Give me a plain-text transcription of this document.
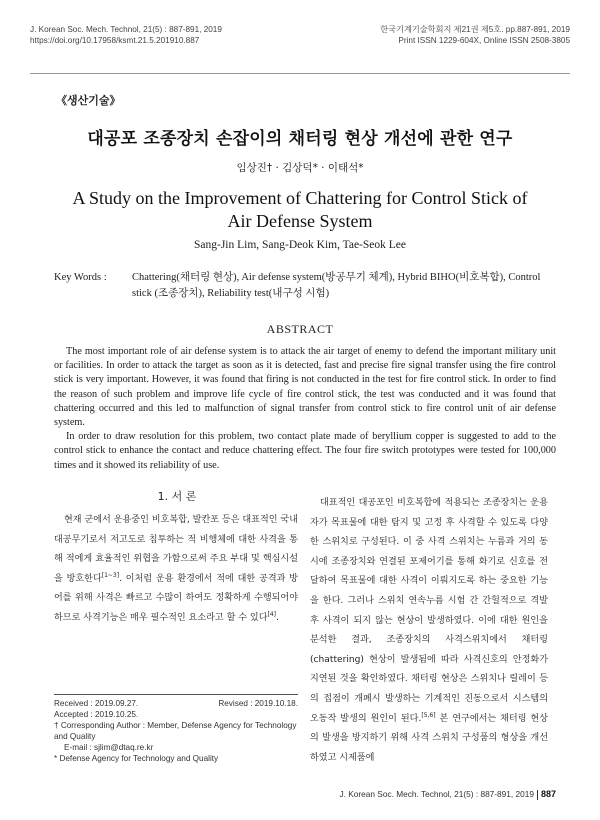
J. Korean Soc. Mech. Technol, 21(5) : 887-891, 2019
https://doi.org/10.17958/ksmt.21.5.201910.887
한국기계기술학회지 제21권 제5호. pp.887-891, 2019
Print ISSN 1229-604X, Online ISSN 2508-3805
《생산기술》
대공포 조종장치 손잡이의 채터링 현상 개선에 관한 연구
임상진† · 김상덕* · 이태석*
A Study on the Improvement of Chattering for Control Stick of Air Defense System
Sang-Jin Lim, Sang-Deok Kim, Tae-Seok Lee
Key Words : Chattering(채터링 현상), Air defense system(방공무기 체계), Hybrid BIHO(비호복합), Control stick (조종장치), Reliability test(내구성 시험)
ABSTRACT

The most important role of air defense system is to attack the air target of enemy to defend the important military unit or facilities. In order to attack the target as soon as it is detected, fast and precise fire signal transfer using the fire control stick is very important. However, it was found that firing is not conducted in the test for fire control stick. In order to find the reason of such problem and improve life cycle of fire control stick, the test was conducted and it was found that chattering occurred and this led to malfunction of signal transfer from control stick to fire control unit of air defense system.

In order to draw resolution for this problem, two contact plate made of beryllium copper is suggested to add to the control stick to enhance the contact and reduce chattering effect. The four fire switch prototypes were tested for 100,000 times and it showed its reliability of use.

1. 서 론

현재 군에서 운용중인 비호복합, 발칸포 등은 대표적인 국내 대공무기로서 저고도로 침투하는 적 비행체에 대한 사격을 통해 적에게 효율적인 위협을 가함으로써 주요 부대 및 핵심시설을 방호한다[1~3]. 이처럼 운용 환경에서 적에 대한 공격과 방어를 위해 사격은 빠르고 수많이 하여도 정확하게 수행되어야 하므로 사격기능은 매우 필수적인 요소라고 할 수 있다[4].

대표적인 대공포인 비호복합에 적용되는 조종장치는 운용자가 목표물에 대한 탐지 및 고정 후 사격할 수 있도록 다양한 스위치로 구성된다. 이 중 사격 스위치는 누름과 거의 동시에 조종장치와 연결된 포제어기를 통해 화기로 신호를 전달하여 목표물에 대한 사격이 이뤄지도록 하는 중요한 기능을 한다. 그러나 스위치 연속누름 시험 간 간헐적으로 격발 후 사격이 되지 않는 현상이 발생하였다. 이에 대한 원인을 분석한 결과, 조종장치의 사격스위치에서 채터링(chattering) 현상이 발생됨에 따라 사격신호의 안정화가 지연된 것을 확인하였다. 채터링 현상은 스위치나 릴레이 등의 접점이 개폐시 발생하는 기계적인 진동으로서 시스템의 오동작 발생의 원인이 된다.[5,6] 본 연구에서는 채터링 현상의 발생을 방지하기 위해 사격 스위치 구성품의 형상을 개선하였고 시제품에

Received : 2019.09.27.	Revised : 2019.10.18.
Accepted : 2019.10.25.
† Corresponding Author : Member, Defense Agency for Technology and Quality
E-mail : sjlim@dtaq.re.kr
* Defense Agency for Technology and Quality
J. Korean Soc. Mech. Technol, 21(5) : 887-891, 2019 887
